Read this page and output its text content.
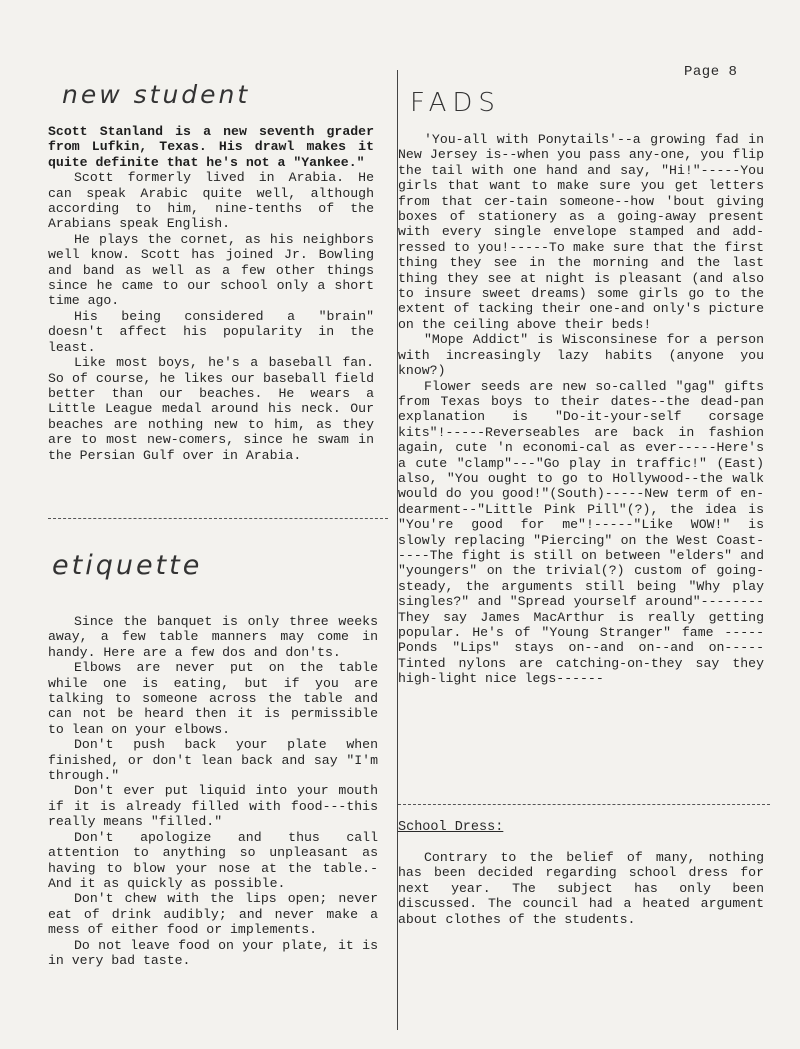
Page 8
new student

Scott Stanland is a new seventh grader from Lufkin, Texas. His drawl makes it quite definite that he's not a "Yankee."

Scott formerly lived in Arabia. He can speak Arabic quite well, although according to him, nine-tenths of the Arabians speak English.

He plays the cornet, as his neighbors well know. Scott has joined Jr. Bowling and band as well as a few other things since he came to our school only a short time ago.

His being considered a "brain" doesn't affect his popularity in the least.

Like most boys, he's a baseball fan. So of course, he likes our baseball field better than our beaches. He wears a Little League medal around his neck. Our beaches are nothing new to him, as they are to most new-comers, since he swam in the Persian Gulf over in Arabia.

etiquette

Since the banquet is only three weeks away, a few table manners may come in handy. Here are a few dos and don'ts.

Elbows are never put on the table while one is eating, but if you are talking to someone across the table and can not be heard then it is permissible to lean on your elbows.

Don't push back your plate when finished, or don't lean back and say "I'm through."

Don't ever put liquid into your mouth if it is already filled with food---this really means "filled."

Don't apologize and thus call attention to anything so unpleasant as having to blow your nose at the table.- And it as quickly as possible.

Don't chew with the lips open; never eat of drink audibly; and never make a mess of either food or implements.

Do not leave food on your plate, it is in very bad taste.

FADS

'You-all with Ponytails'--a growing fad in New Jersey is--when you pass any-one, you flip the tail with one hand and say, "Hi!"-----You girls that want to make sure you get letters from that cer-tain someone--how 'bout giving boxes of stationery as a going-away present with every single envelope stamped and add-ressed to you!-----To make sure that the first thing they see in the morning and the last thing they see at night is pleasant (and also to insure sweet dreams) some girls go to the extent of tacking their one-and only's picture on the ceiling above their beds!

"Mope Addict" is Wisconsinese for a person with increasingly lazy habits (anyone you know?)

Flower seeds are new so-called "gag" gifts from Texas boys to their dates--the dead-pan explanation is "Do-it-your-self corsage kits"!-----Reverseables are back in fashion again, cute 'n economi-cal as ever-----Here's a cute "clamp"---"Go play in traffic!" (East) also, "You ought to go to Hollywood--the walk would do you good!"(South)-----New term of en-dearment--"Little Pink Pill"(?), the idea is "You're good for me"!-----"Like WOW!" is slowly replacing "Piercing" on the West Coast-----The fight is still on between "elders" and "youngers" on the trivial(?) custom of going-steady, the arguments still being "Why play singles?" and "Spread yourself around"--------They say James MacArthur is really getting popular. He's of "Young Stranger" fame -----Ponds "Lips" stays on--and on--and on-----Tinted nylons are catching-on-they say they high-light nice legs------

School Dress:

Contrary to the belief of many, nothing has been decided regarding school dress for next year. The subject has only been discussed. The council had a heated argument about clothes of the students.
